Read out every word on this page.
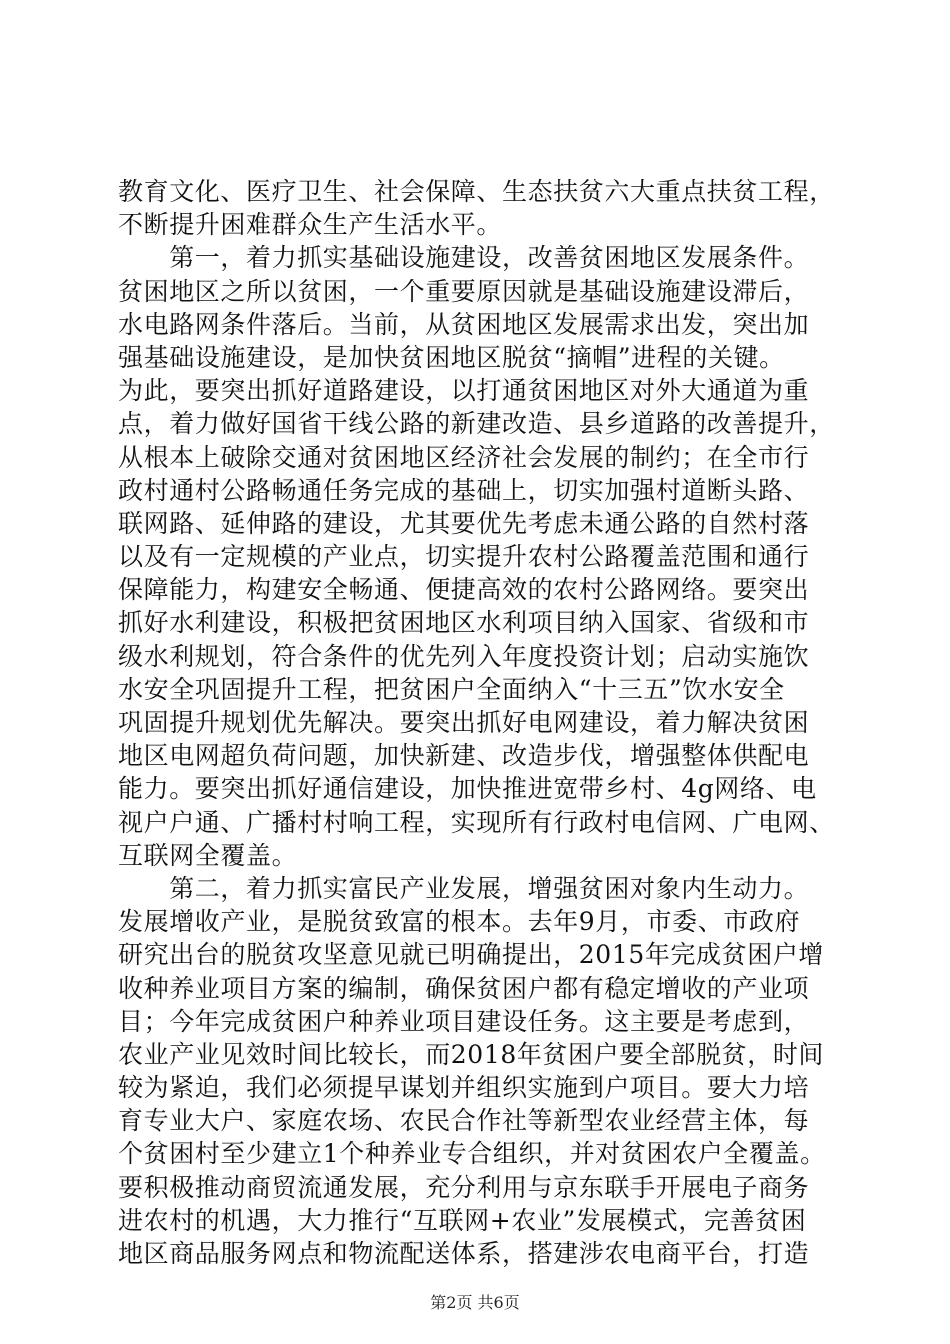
教育文化、医疗卫生、社会保障、生态扶贫六大重点扶贫工程，
不断提升困难群众生产生活水平。
　　第一，着力抓实基础设施建设，改善贫困地区发展条件。
贫困地区之所以贫困，一个重要原因就是基础设施建设滞后，
水电路网条件落后。当前，从贫困地区发展需求出发，突出加
强基础设施建设，是加快贫困地区脱贫“摘帽”进程的关键。
为此，要突出抓好道路建设，以打通贫困地区对外大通道为重
点，着力做好国省干线公路的新建改造、县乡道路的改善提升，
从根本上破除交通对贫困地区经济社会发展的制约；在全市行
政村通村公路畅通任务完成的基础上，切实加强村道断头路、
联网路、延伸路的建设，尤其要优先考虑未通公路的自然村落
以及有一定规模的产业点，切实提升农村公路覆盖范围和通行
保障能力，构建安全畅通、便捷高效的农村公路网络。要突出
抓好水利建设，积极把贫困地区水利项目纳入国家、省级和市
级水利规划，符合条件的优先列入年度投资计划；启动实施饮
水安全巩固提升工程，把贫困户全面纳入“十三五”饮水安全
巩固提升规划优先解决。要突出抓好电网建设，着力解决贫困
地区电网超负荷问题，加快新建、改造步伐，增强整体供配电
能力。要突出抓好通信建设，加快推进宽带乡村、4g网络、电
视户户通、广播村村响工程，实现所有行政村电信网、广电网、
互联网全覆盖。
　　第二，着力抓实富民产业发展，增强贫困对象内生动力。
发展增收产业，是脱贫致富的根本。去年9月，市委、市政府
研究出台的脱贫攻坚意见就已明确提出，2015年完成贫困户增
收种养业项目方案的编制，确保贫困户都有稳定增收的产业项
目；今年完成贫困户种养业项目建设任务。这主要是考虑到，
农业产业见效时间比较长，而2018年贫困户要全部脱贫，时间
较为紧迫，我们必须提早谋划并组织实施到户项目。要大力培
育专业大户、家庭农场、农民合作社等新型农业经营主体，每
个贫困村至少建立1个种养业专合组织，并对贫困农户全覆盖。
要积极推动商贸流通发展，充分利用与京东联手开展电子商务
进农村的机遇，大力推行“互联网+农业”发展模式，完善贫困
地区商品服务网点和物流配送体系，搭建涉农电商平台，打造
第2页 共6页
